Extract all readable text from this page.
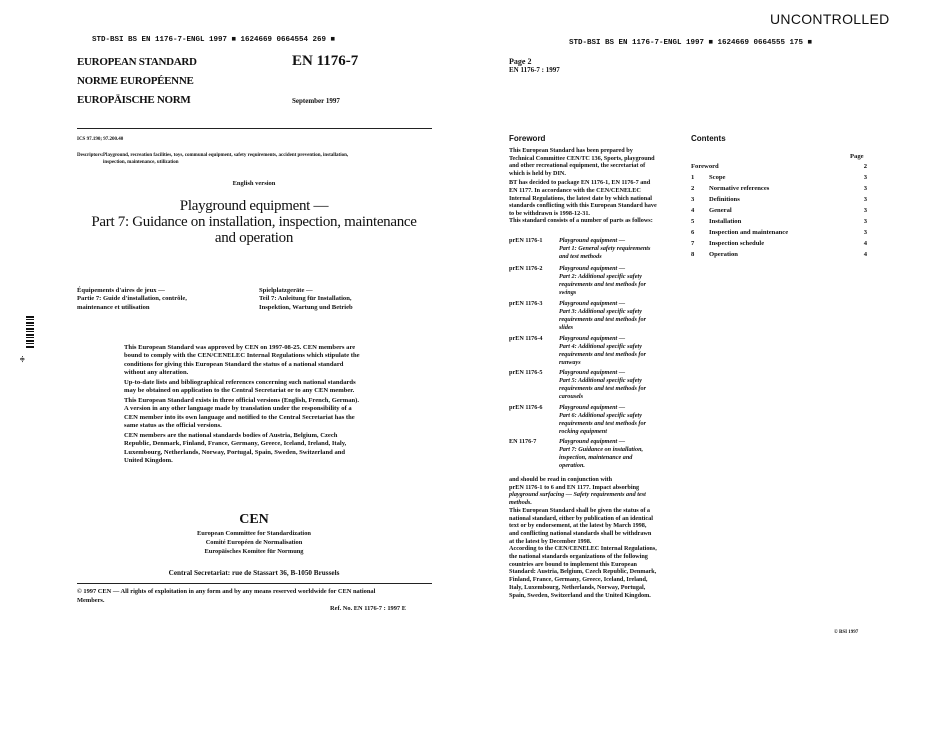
UNCONTROLLED
STD-BSI BS EN 1176-7-ENGL 1997 ■ 1624669 0664554 269 ■
EUROPEAN STANDARD
NORME EUROPÉENNE
EUROPÄISCHE NORM
EN 1176-7
September 1997
ICS 97.190; 97.200.40
Descriptors: Playground, recreation facilities, toys, communal equipment, safety requirements, accident prevention, installation,
inspection, maintenance, utilization
English version
Playground equipment —
Part 7: Guidance on installation, inspection, maintenance
and operation
Équipements d'aires de jeux —
Partie 7: Guide d'installation, contrôle,
maintenance et utilisation
Spielplatzgeräte —
Teil 7: Anleitung für Installation,
Inspektion, Wartung und Betrieb
This European Standard was approved by CEN on 1997-08-25. CEN members are
bound to comply with the CEN/CENELEC Internal Regulations which stipulate the
conditions for giving this European Standard the status of a national standard
without any alteration.
Up-to-date lists and bibliographical references concerning such national standards
may be obtained on application to the Central Secretariat or to any CEN member.
This European Standard exists in three official versions (English, French, German).
A version in any other language made by translation under the responsibility of a
CEN member into its own language and notified to the Central Secretariat has the
same status as the official versions.
CEN members are the national standards bodies of Austria, Belgium, Czech
Republic, Denmark, Finland, France, Germany, Greece, Iceland, Ireland, Italy,
Luxembourg, Netherlands, Norway, Portugal, Spain, Sweden, Switzerland and
United Kingdom.
CEN
European Committee for Standardization
Comité Européen de Normalisation
Europäisches Komitee für Normung
Central Secretariat: rue de Stassart 36, B-1050 Brussels
© 1997 CEN — All rights of exploitation in any form and by any means reserved worldwide for CEN national
Members.
Ref. No. EN 1176-7 : 1997 E
·θ·
STD-BSI BS EN 1176-7-ENGL 1997 ■ 1624669 0664555 175 ■
Page 2
EN 1176-7 : 1997
Foreword
This European Standard has been prepared by
Technical Committee CEN/TC 136, Sports, playground
and other recreational equipment, the secretariat of
which is held by DIN.
BT has decided to package EN 1176-1, EN 1176-7 and
EN 1177. In accordance with the CEN/CENELEC
Internal Regulations, the latest date by which national
standards conflicting with this European Standard have
to be withdrawn is 1998-12-31.
This standard consists of a number of parts as follows:
prEN 1176-1	Playground equipment —
Part 1: General safety requirements
and test methods
prEN 1176-2	Playground equipment —
Part 2: Additional specific safety
requirements and test methods for
swings
prEN 1176-3	Playground equipment —
Part 3: Additional specific safety
requirements and test methods for
slides
prEN 1176-4	Playground equipment —
Part 4: Additional specific safety
requirements and test methods for
runways
prEN 1176-5	Playground equipment —
Part 5: Additional specific safety
requirements and test methods for
carousels
prEN 1176-6	Playground equipment —
Part 6: Additional specific safety
requirements and test methods for
rocking equipment
EN 1176-7	Playground equipment —
Part 7: Guidance on installation,
inspection, maintenance and
operation.
and should be read in conjunction with
prEN 1176-1 to 6 and EN 1177. Impact absorbing
playground surfacing — Safety requirements and test
methods.
This European Standard shall be given the status of a
national standard, either by publication of an identical
text or by endorsement, at the latest by March 1998,
and conflicting national standards shall be withdrawn
at the latest by December 1998.
According to the CEN/CENELEC Internal Regulations,
the national standards organizations of the following
countries are bound to implement this European
Standard: Austria, Belgium, Czech Republic, Denmark,
Finland, France, Germany, Greece, Iceland, Ireland,
Italy, Luxembourg, Netherlands, Norway, Portugal,
Spain, Sweden, Switzerland and the United Kingdom.
Contents
Page
Foreword	2
1 Scope	3
2 Normative references	3
3 Definitions	3
4 General	3
5 Installation	3
6 Inspection and maintenance	3
7 Inspection schedule	4
8 Operation	4
© BSI 1997
